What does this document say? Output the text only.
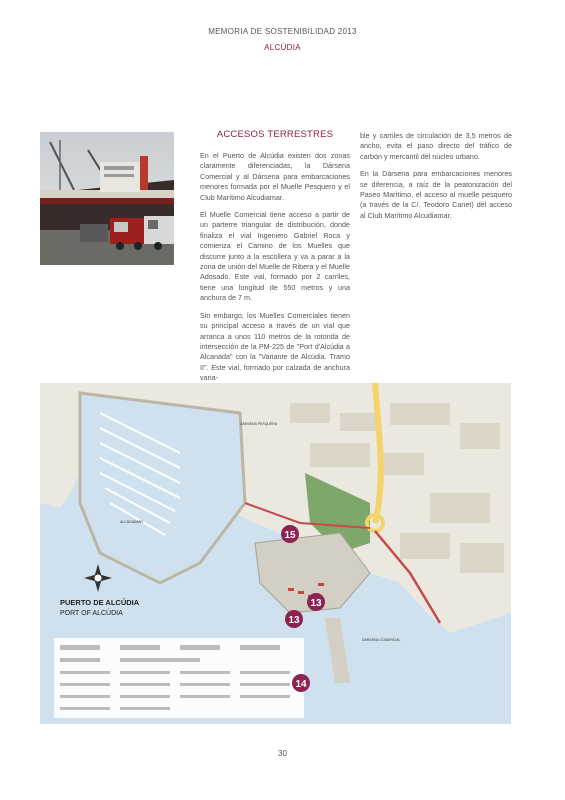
MEMORIA DE SOSTENIBILIDAD 2013
ALCÚDIA
ACCESOS TERRESTRES

En el Puerto de Alcúdia existen dos zonas claramente diferenciadas, la Dársena Comercial y al Dársena para embarcaciones menores formada por el Muelle Pesquero y el Club Marítimo Alcudiamar.

El Muelle Comercial tiene acceso a partir de un parterre triangular de distribución, donde finaliza el vial Ingeniero Gabriel Roca y comienza el Camino de los Muelles que discurre junto a la escollera y va a parar a la zona de unión del Muelle de Ribera y el Muelle Adosado. Este vial, formado por 2 carriles, tiene una longitud de 550 metros y una anchura de 7 m.

Sin embargo, los Muelles Comerciales tienen su principal acceso a través de un vial que arranca a unos 110 metros de la rotonda de intersección de la PM-225 de "Port d'Alcúdia a Alcanada" con la "Variante de Alcúdia. Tramo II". Este vial, formado por calzada de anchura varia-

ble y carriles de circulación de 3,5 metros de ancho, evita el paso directo del tráfico de carbón y mercantil del núcleo urbano.

En la Dársena para embarcaciones menores se diferencia, a raíz de la peatonización del Paseo Marítimo, el acceso al muelle pesquero (a través de la C/. Teodoro Canet) del acceso al Club Marítimo Alcudiamar.

PUERTO DE ALCÚDIA
PORT OF ALCÚDIA
ALCUDIAMAR
DÁRSENA PESQUERA
DÁRSENA COMERCIAL
15
13
13
14
30
